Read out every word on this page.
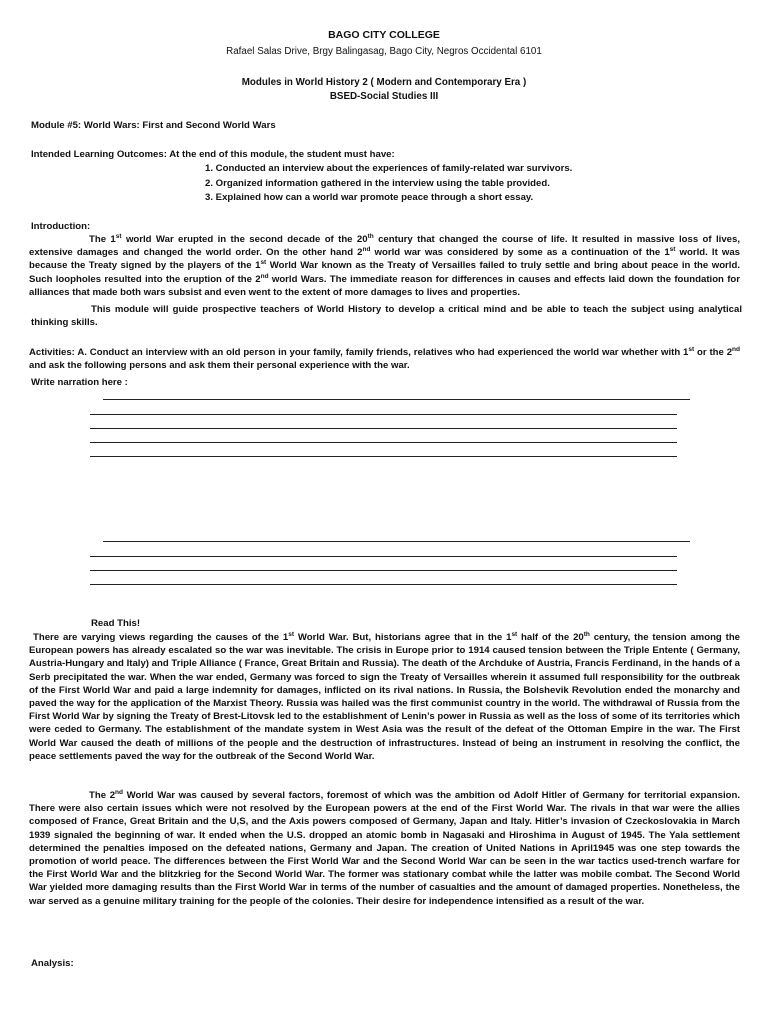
BAGO CITY COLLEGE
Rafael Salas Drive, Brgy Balingasag, Bago City, Negros Occidental 6101
Modules in World History 2 ( Modern and Contemporary Era )
BSED-Social Studies III
Module #5: World Wars: First and Second World Wars
Intended Learning Outcomes: At the end of this module, the student must have:
1. Conducted an interview about the experiences of family-related war survivors.
2. Organized information gathered in the interview using the table provided.
3. Explained how can a world war promote peace through a short essay.
Introduction:
The 1st world War erupted in the second decade of the 20th century that changed the course of life. It resulted in massive loss of lives, extensive damages and changed the world order. On the other hand 2nd world war was considered by some as a continuation of the 1st world. It was because the Treaty signed by the players of the 1st World War known as the Treaty of Versailles failed to truly settle and bring about peace in the world. Such loopholes resulted into the eruption of the 2nd world Wars. The immediate reason for differences in causes and effects laid down the foundation for alliances that made both wars subsist and even went to the extent of more damages to lives and properties.
This module will guide prospective teachers of World History to develop a critical mind and be able to teach the subject using analytical thinking skills.
Activities: A. Conduct an interview with an old person in your family, family friends, relatives who had experienced the world war whether with 1st or the 2nd and ask the following persons and ask them their personal experience with the war.
Write narration here :
Read This!
There are varying views regarding the causes of the 1st World War. But, historians agree that in the 1st half of the 20th century, the tension among the European powers has already escalated so the war was inevitable. The crisis in Europe prior to 1914 caused tension between the Triple Entente ( Germany, Austria-Hungary and Italy) and Triple Alliance ( France, Great Britain and Russia). The death of the Archduke of Austria, Francis Ferdinand, in the hands of a Serb precipitated the war. When the war ended, Germany was forced to sign the Treaty of Versailles wherein it assumed full responsibility for the outbreak of the First World War and paid a large indemnity for damages, inflicted on its rival nations. In Russia, the Bolshevik Revolution ended the monarchy and paved the way for the application of the Marxist Theory. Russia was hailed was the first communist country in the world. The withdrawal of Russia from the First World War by signing the Treaty of Brest-Litovsk led to the establishment of Lenin’s power in Russia as well as the loss of some of its territories which were ceded to Germany. The establishment of the mandate system in West Asia was the result of the defeat of the Ottoman Empire in the war. The First World War caused the death of millions of the people and the destruction of infrastructures. Instead of being an instrument in resolving the conflict, the peace settlements paved the way for the outbreak of the Second World War.
The 2nd World War was caused by several factors, foremost of which was the ambition od Adolf Hitler of Germany for territorial expansion. There were also certain issues which were not resolved by the European powers at the end of the First World War. The rivals in that war were the allies composed of France, Great Britain and the U,S, and the Axis powers composed of Germany, Japan and Italy. Hitler’s invasion of Czeckoslovakia in March 1939 signaled the beginning of war. It ended when the U.S. dropped an atomic bomb in Nagasaki and Hiroshima in August of 1945. The Yala settlement determined the penalties imposed on the defeated nations, Germany and Japan. The creation of United Nations in April1945 was one step towards the promotion of world peace. The differences between the First World War and the Second World War can be seen in the war tactics used-trench warfare for the First World War and the blitzkrieg for the Second World War. The former was stationary combat while the latter was mobile combat. The Second World War yielded more damaging results than the First World War in terms of the number of casualties and the amount of damaged properties. Nonetheless, the war served as a genuine military training for the people of the colonies. Their desire for independence intensified as a result of the war.
Analysis:
